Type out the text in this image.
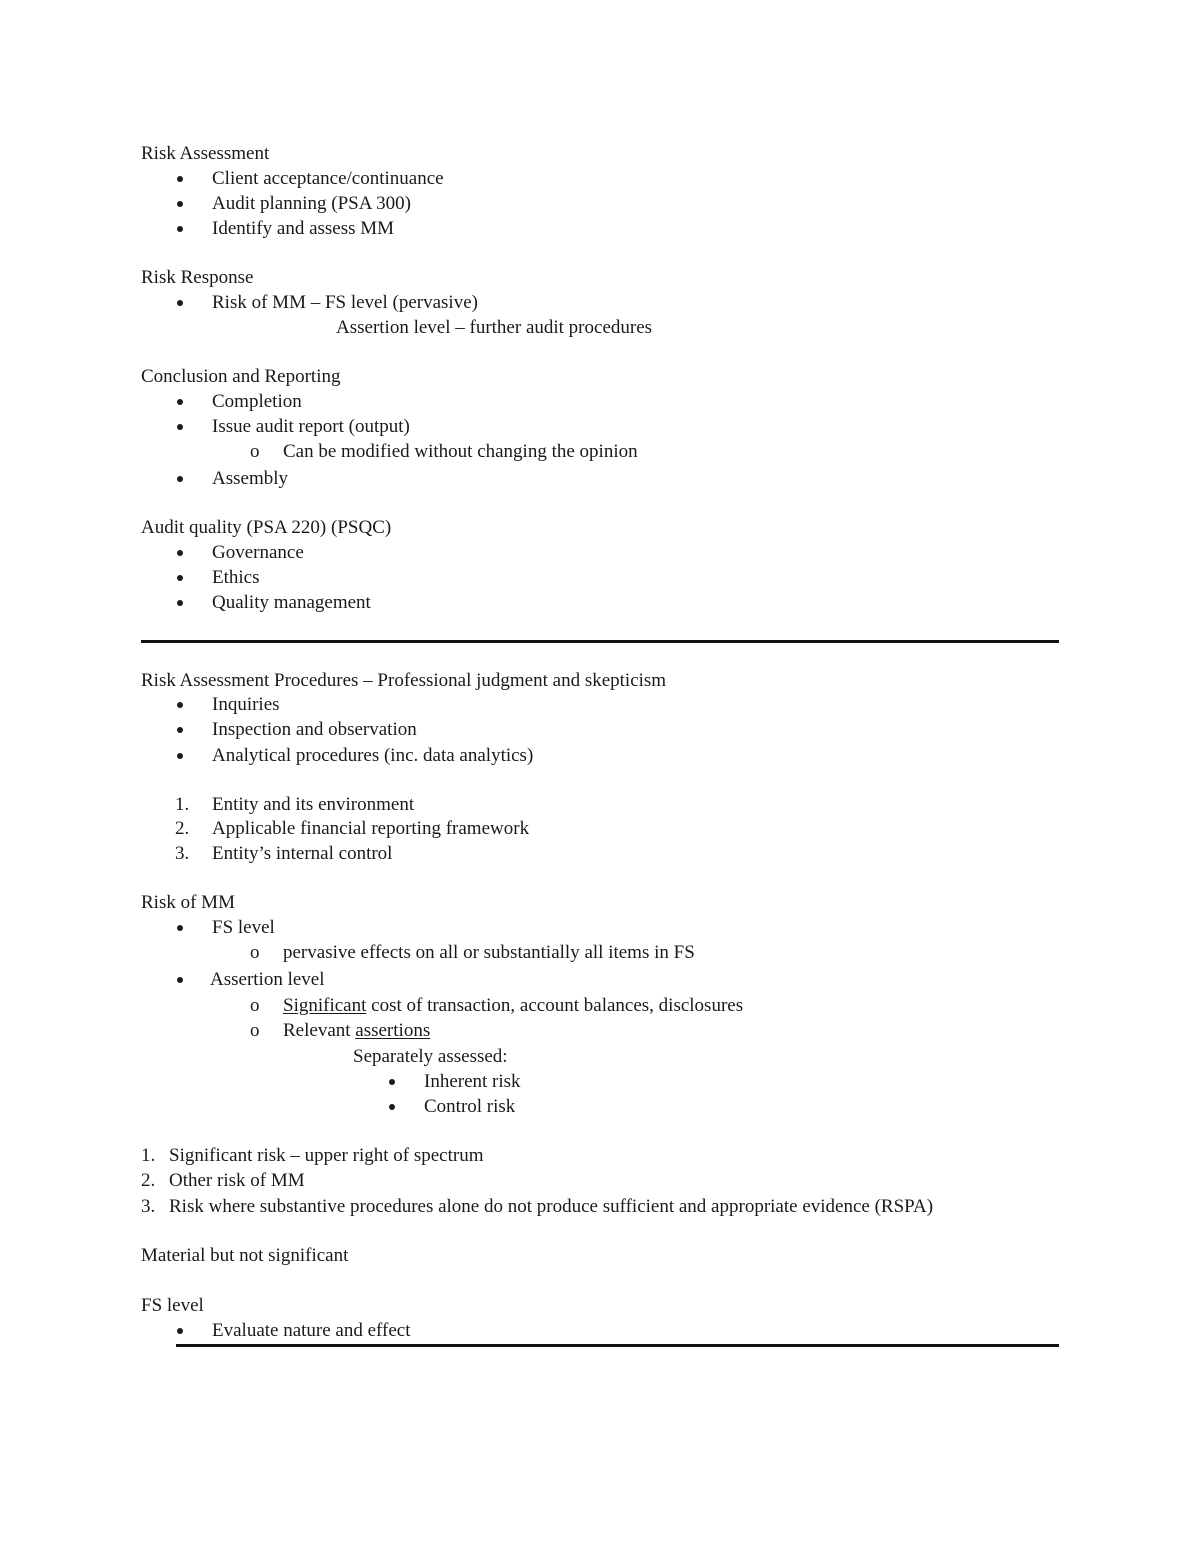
Risk Assessment
Client acceptance/continuance
Audit planning (PSA 300)
Identify and assess MM
Risk Response
Risk of MM – FS level (pervasive)
Assertion level – further audit procedures
Conclusion and Reporting
Completion
Issue audit report (output)
o Can be modified without changing the opinion
Assembly
Audit quality (PSA 220) (PSQC)
Governance
Ethics
Quality management
Risk Assessment Procedures – Professional judgment and skepticism
Inquiries
Inspection and observation
Analytical procedures (inc. data analytics)
1. Entity and its environment
2. Applicable financial reporting framework
3. Entity’s internal control
Risk of MM
FS level
o pervasive effects on all or substantially all items in FS
Assertion level
o Significant cost of transaction, account balances, disclosures
o Relevant assertions
Separately assessed:
Inherent risk
Control risk
1. Significant risk – upper right of spectrum
2. Other risk of MM
3. Risk where substantive procedures alone do not produce sufficient and appropriate evidence (RSPA)
Material but not significant
FS level
Evaluate nature and effect
